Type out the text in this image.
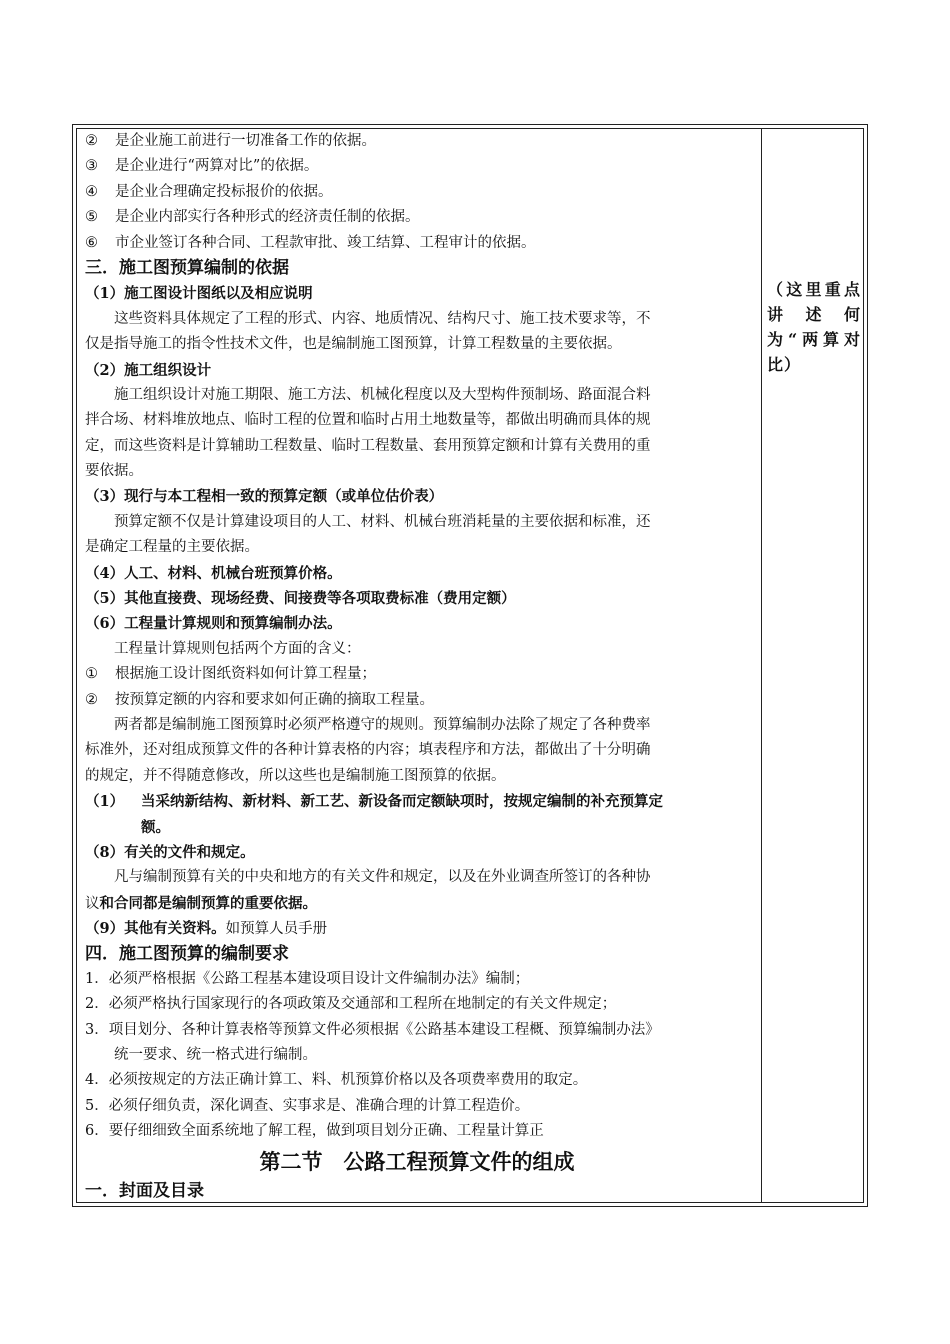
② 是企业施工前进行一切准备工作的依据。
③ 是企业进行“两算对比”的依据。
④ 是企业合理确定投标报价的依据。
⑤ 是企业内部实行各种形式的经济责任制的依据。
⑥ 市企业签订各种合同、工程款审批、竣工结算、工程审计的依据。
三．施工图预算编制的依据
（1）施工图设计图纸以及相应说明
这些资料具体规定了工程的形式、内容、地质情况、结构尺寸、施工技术要求等，不
仅是指导施工的指令性技术文件，也是编制施工图预算，计算工程数量的主要依据。
（2）施工组织设计
施工组织设计对施工期限、施工方法、机械化程度以及大型构件预制场、路面混合料
拌合场、材料堆放地点、临时工程的位置和临时占用土地数量等，都做出明确而具体的规
定，而这些资料是计算辅助工程数量、临时工程数量、套用预算定额和计算有关费用的重
要依据。
（3）现行与本工程相一致的预算定额（或单位估价表）
预算定额不仅是计算建设项目的人工、材料、机械台班消耗量的主要依据和标准，还
是确定工程量的主要依据。
（4）人工、材料、机械台班预算价格。
（5）其他直接费、现场经费、间接费等各项取费标准（费用定额）
（6）工程量计算规则和预算编制办法。
工程量计算规则包括两个方面的含义：
① 根据施工设计图纸资料如何计算工程量；
② 按预算定额的内容和要求如何正确的摘取工程量。
两者都是编制施工图预算时必须严格遵守的规则。预算编制办法除了规定了各种费率
标准外，还对组成预算文件的各种计算表格的内容；填表程序和方法，都做出了十分明确
的规定，并不得随意修改，所以这些也是编制施工图预算的依据。
（1） 当采纳新结构、新材料、新工艺、新设备而定额缺项时，按规定编制的补充预算定
额。
（8）有关的文件和规定。
凡与编制预算有关的中央和地方的有关文件和规定，以及在外业调查所签订的各种协
议和合同都是编制预算的重要依据。
（9）其他有关资料。如预算人员手册
四．施工图预算的编制要求
1．必须严格根据《公路工程基本建设项目设计文件编制办法》编制；
2．必须严格执行国家现行的各项政策及交通部和工程所在地制定的有关文件规定；
3．项目划分、各种计算表格等预算文件必须根据《公路基本建设工程概、预算编制办法》
统一要求、统一格式进行编制。
4．必须按规定的方法正确计算工、料、机预算价格以及各项费率费用的取定。
5．必须仔细负责，深化调查、实事求是、准确合理的计算工程造价。
6．要仔细细致全面系统地了解工程，做到项目划分正确、工程量计算正
第二节　公路工程预算文件的组成
一．封面及目录
（这里重点讲述何为“两算对比）
